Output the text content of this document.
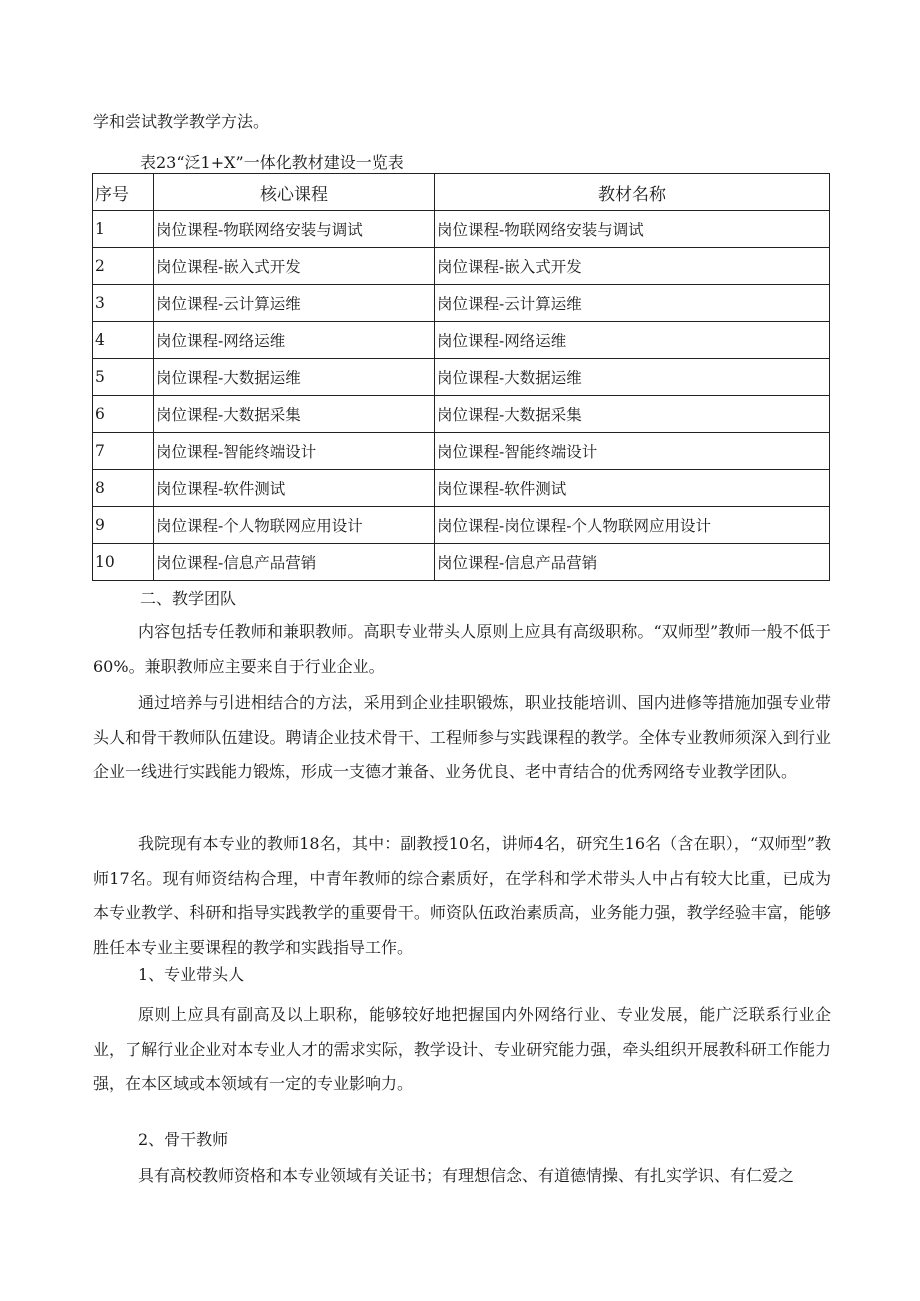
学和尝试教学教学方法。

表23“泛1+X”一体化教材建设一览表

序号	核心课程	教材名称
1	岗位课程-物联网络安装与调试	岗位课程-物联网络安装与调试
2	岗位课程-嵌入式开发	岗位课程-嵌入式开发
3	岗位课程-云计算运维	岗位课程-云计算运维
4	岗位课程-网络运维	岗位课程-网络运维
5	岗位课程-大数据运维	岗位课程-大数据运维
6	岗位课程-大数据采集	岗位课程-大数据采集
7	岗位课程-智能终端设计	岗位课程-智能终端设计
8	岗位课程-软件测试	岗位课程-软件测试
9	岗位课程-个人物联网应用设计	岗位课程-岗位课程-个人物联网应用设计
10	岗位课程-信息产品营销	岗位课程-信息产品营销

二、教学团队

内容包括专任教师和兼职教师。高职专业带头人原则上应具有高级职称。“双师型”教师一般不低于60%。兼职教师应主要来自于行业企业。

通过培养与引进相结合的方法，采用到企业挂职锻炼，职业技能培训、国内进修等措施加强专业带头人和骨干教师队伍建设。聘请企业技术骨干、工程师参与实践课程的教学。全体专业教师须深入到行业企业一线进行实践能力锻炼，形成一支德才兼备、业务优良、老中青结合的优秀网络专业教学团队。

我院现有本专业的教师18名，其中：副教授10名，讲师4名，研究生16名（含在职），“双师型”教师17名。现有师资结构合理，中青年教师的综合素质好，在学科和学术带头人中占有较大比重，已成为本专业教学、科研和指导实践教学的重要骨干。师资队伍政治素质高，业务能力强，教学经验丰富，能够胜任本专业主要课程的教学和实践指导工作。

1、专业带头人

原则上应具有副高及以上职称，能够较好地把握国内外网络行业、专业发展，能广泛联系行业企业，了解行业企业对本专业人才的需求实际，教学设计、专业研究能力强，牵头组织开展教科研工作能力强，在本区域或本领域有一定的专业影响力。

2、骨干教师

具有高校教师资格和本专业领域有关证书；有理想信念、有道德情操、有扎实学识、有仁爱之
